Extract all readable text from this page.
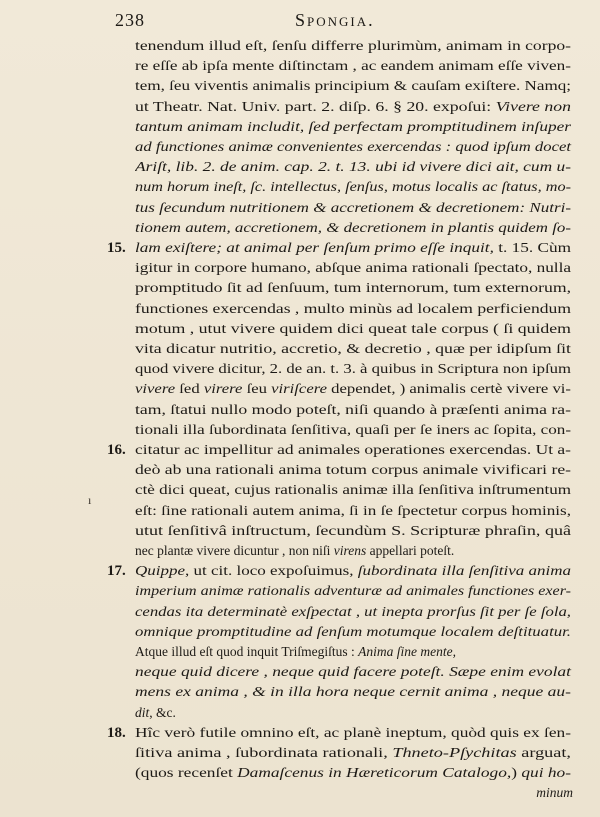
238	Spongia.
ı
tenendum illud eſt, ſenſu differre plurimùm, animam in corpo-
re eſſe ab ipſa mente diſtinctam , ac eandem animam eſſe viven-
tem, ſeu viventis animalis principium & cauſam exiſtere. Namq;
ut Theatr. Nat. Univ. part. 2. diſp. 6. § 20. expoſui: Vivere non
tantum animam includit, ſed perfectam promptitudinem inſuper
ad functiones animæ convenientes exercendas : quod ipſum docet
Ariſt, lib. 2. de anim. cap. 2. t. 13. ubi id vivere dici ait, cum u-
num horum ineſt, ſc. intellectus, ſenſus, motus localis ac ſtatus, mo-
tus ſecundum nutritionem & accretionem & decretionem: Nutri-
tionem autem, accretionem, & decretionem in plantis quidem ſo-
15. lam exiſtere; at animal per ſenſum primo eſſe inquit, t. 15. Cùm
igitur in corpore humano, abſque anima rationali ſpectato, nulla
promptitudo ſit ad ſenſuum, tum internorum, tum externorum,
functiones exercendas , multo minùs ad localem perficiendum
motum , utut vivere quidem dici queat tale corpus ( ſi quidem
vita dicatur nutritio, accretio, & decretio , quæ per idipſum ſit
quod vivere dicitur, 2. de an. t. 3. à quibus in Scriptura non ipſum
vivere ſed virere ſeu viriſcere dependet, ) animalis certè vivere vi-
tam, ſtatui nullo modo poteſt, niſi quando à præſenti anima ra-
tionali illa ſubordinata ſenſitiva, quaſi per ſe iners ac ſopita, con-
16. citatur ac impellitur ad animales operationes exercendas. Ut a-
deò ab una rationali anima totum corpus animale vivificari re-
ctè dici queat, cujus rationalis animæ illa ſenſitiva inſtrumentum
eſt: ſine rationali autem anima, ſi in ſe ſpectetur corpus hominis,
utut ſenſitivâ inſtructum, ſecundùm S. Scripturæ phraſin, quâ
nec plantæ vivere dicuntur , non niſi virens appellari poteſt.
17. Quippe, ut cit. loco expoſuimus, ſubordinata illa ſenſitiva anima
imperium animæ rationalis adventuræ ad animales functiones exer-
cendas ita determinatè exſpectat , ut inepta prorſus ſit per ſe ſola,
omnique promptitudine ad ſenſum motumque localem deſtituatur.
Atque illud eſt quod inquit Triſmegiſtus : Anima ſine mente,
neque quid dicere , neque quid facere poteſt. Sæpe enim evolat
mens ex anima , & in illa hora neque cernit anima , neque au-
dit, &c.
18. Hîc verò futile omnino eſt, ac planè ineptum, quòd quis ex ſen-
ſitiva anima , ſubordinata rationali, Thneto-Pſychitas arguat,
(quos recenſet Damaſcenus in Hæreticorum Catalogo,) qui ho-
minum
